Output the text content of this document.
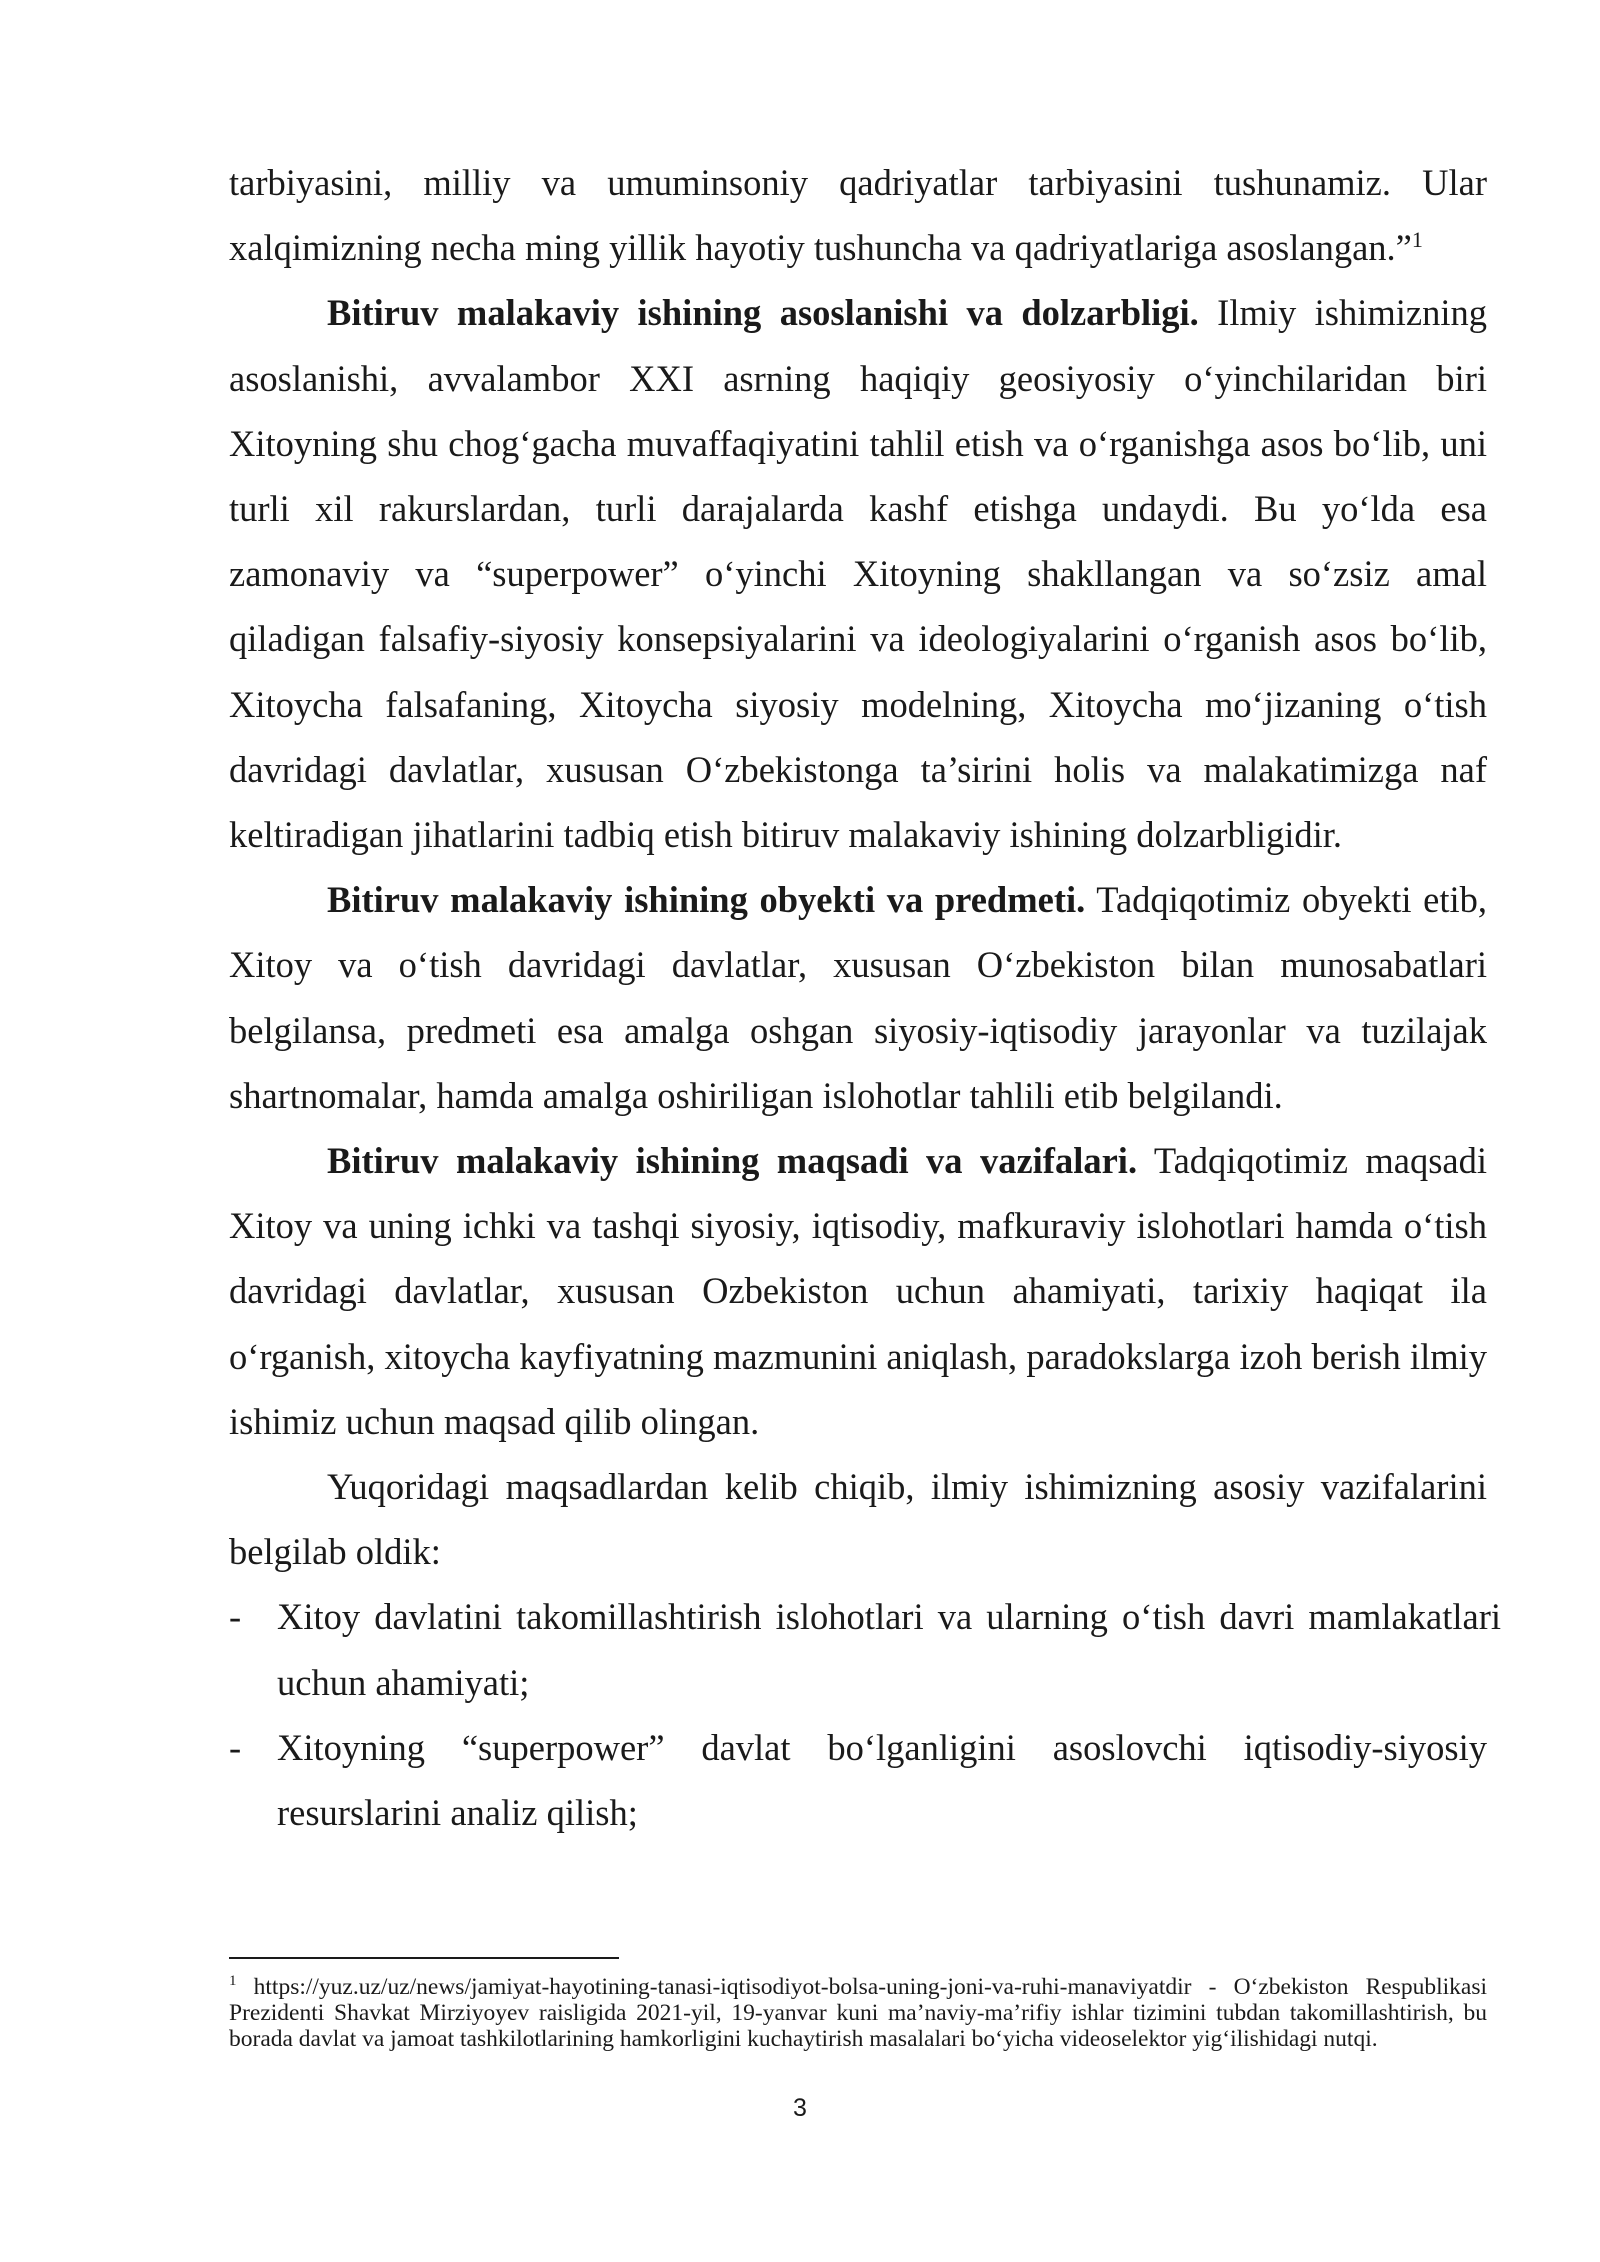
tarbiyasini, milliy va umuminsoniy qadriyatlar tarbiyasini tushunamiz. Ular xalqimizning necha ming yillik hayotiy tushuncha va qadriyatlariga asoslangan.”$^1$

Bitiruv malakaviy ishining asoslanishi va dolzarbligi. Ilmiy ishimizning asoslanishi, avvalambor XXI asrning haqiqiy geosiyosiy o‘yinchilaridan biri Xitoyning shu chog‘gacha muvaffaqiyatini tahlil etish va o‘rganishga asos bo‘lib, uni turli xil rakurslardan, turli darajalarda kashf etishga undaydi. Bu yo‘lda esa zamonaviy va “superpower” o‘yinchi Xitoyning shakllangan va so‘zsiz amal qiladigan falsafiy-siyosiy konsepsiyalarini va ideologiyalarini o‘rganish asos bo‘lib, Xitoycha falsafaning, Xitoycha siyosiy modelning, Xitoycha mo‘jizaning o‘tish davridagi davlatlar, xususan O‘zbekistonga ta’sirini holis va malakatimizga naf keltiradigan jihatlarini tadbiq etish bitiruv malakaviy ishining dolzarbligidir.

Bitiruv malakaviy ishining obyekti va predmeti. Tadqiqotimiz obyekti etib, Xitoy va o‘tish davridagi davlatlar, xususan O‘zbekiston bilan munosabatlari belgilansa, predmeti esa amalga oshgan siyosiy-iqtisodiy jarayonlar va tuzilajak shartnomalar, hamda amalga oshiriligan islohotlar tahlili etib belgilandi.

Bitiruv malakaviy ishining maqsadi va vazifalari. Tadqiqotimiz maqsadi Xitoy va uning ichki va tashqi siyosiy, iqtisodiy, mafkuraviy islohotlari hamda o‘tish davridagi davlatlar, xususan Ozbekiston uchun ahamiyati, tarixiy haqiqat ila o‘rganish, xitoycha kayfiyatning mazmunini aniqlash, paradokslarga izoh berish ilmiy ishimiz uchun maqsad qilib olingan.

Yuqoridagi maqsadlardan kelib chiqib, ilmiy ishimizning asosiy vazifalarini belgilab oldik:

- Xitoy davlatini takomillashtirish islohotlari va ularning o‘tish davri mamlakatlari uchun ahamiyati;
- Xitoyning “superpower” davlat bo‘lganligini asoslovchi iqtisodiy-siyosiy resurslarini analiz qilish;
$^1$ https://yuz.uz/uz/news/jamiyat-hayotining-tanasi-iqtisodiyot-bolsa-uning-joni-va-ruhi-manaviyatdir - O‘zbekiston Respublikasi Prezidenti Shavkat Mirziyoyev raisligida 2021-yil, 19-yanvar kuni ma’naviy-ma’rifiy ishlar tizimini tubdan takomillashtirish, bu borada davlat va jamoat tashkilotlarining hamkorligini kuchaytirish masalalari bo‘yicha videoselektor yig‘ilishidagi nutqi.
3
